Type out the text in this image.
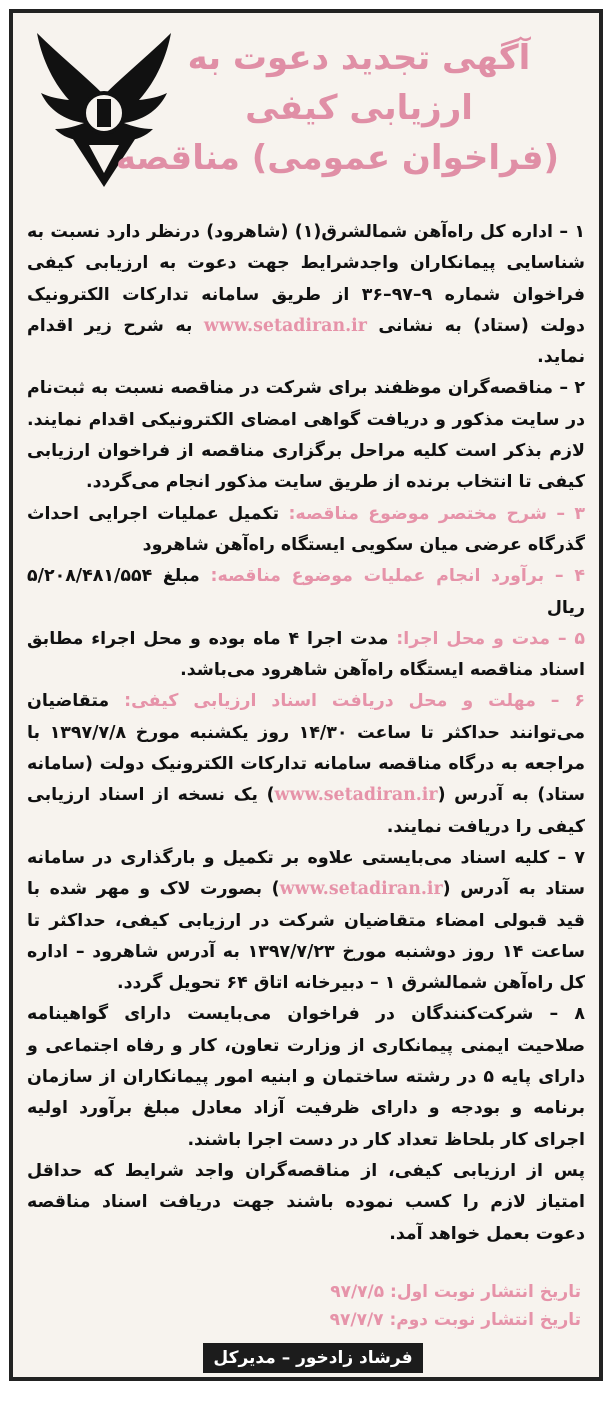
آگهی تجدید دعوت به
ارزیابی کیفی
(فراخوان عمومی) مناقصه

۱ – اداره کل راه‌آهن شمالشرق(۱) (شاهرود) درنظر دارد نسبت به شناسایی پیمانکاران واجدشرایط جهت دعوت به ارزیابی کیفی فراخوان شماره ۹–۹۷–۳۶ از طریق سامانه تدارکات الکترونیک دولت (ستاد) به نشانی www.setadiran.ir به شرح زیر اقدام نماید.

۲ – مناقصه‌گران موظفند برای شرکت در مناقصه نسبت به ثبت‌نام در سایت مذکور و دریافت گواهی امضای الکترونیکی اقدام نمایند. لازم بذکر است کلیه مراحل برگزاری مناقصه از فراخوان ارزیابی کیفی تا انتخاب برنده از طریق سایت مذکور انجام می‌گردد.

۳ – شرح مختصر موضوع مناقصه: تکمیل عملیات اجرایی احداث گذرگاه عرضی میان سکویی ایستگاه راه‌آهن شاهرود

۴ – برآورد انجام عملیات موضوع مناقصه: مبلغ ۵/۲۰۸/۴۸۱/۵۵۴ ریال

۵ – مدت و محل اجرا: مدت اجرا ۴ ماه بوده و محل اجراء مطابق اسناد مناقصه ایستگاه راه‌آهن شاهرود می‌باشد.

۶ – مهلت و محل دریافت اسناد ارزیابی کیفی: متقاضیان می‌توانند حداکثر تا ساعت ۱۴/۳۰ روز یکشنبه مورخ ۱۳۹۷/۷/۸ با مراجعه به درگاه مناقصه سامانه تدارکات الکترونیک دولت (سامانه ستاد) به آدرس (www.setadiran.ir) یک نسخه از اسناد ارزیابی کیفی را دریافت نمایند.

۷ – کلیه اسناد می‌بایستی علاوه بر تکمیل و بارگذاری در سامانه ستاد به آدرس (www.setadiran.ir) بصورت لاک و مهر شده با قید قبولی امضاء متقاضیان شرکت در ارزیابی کیفی، حداکثر تا ساعت ۱۴ روز دوشنبه مورخ ۱۳۹۷/۷/۲۳ به آدرس شاهرود – اداره کل راه‌آهن شمالشرق ۱ – دبیرخانه اتاق ۶۴ تحویل گردد.

۸ – شرکت‌کنندگان در فراخوان می‌بایست دارای گواهینامه صلاحیت ایمنی پیمانکاری از وزارت تعاون، کار و رفاه اجتماعی و دارای پایه ۵ در رشته ساختمان و ابنیه امور پیمانکاران از سازمان برنامه و بودجه و دارای ظرفیت آزاد معادل مبلغ برآورد اولیه اجرای کار بلحاظ تعداد کار در دست اجرا باشند.

پس از ارزیابی کیفی، از مناقصه‌گران واجد شرایط که حداقل امتیاز لازم را کسب نموده باشند جهت دریافت اسناد مناقصه دعوت بعمل خواهد آمد.

تاریخ انتشار نوبت اول: ۹۷/۷/۵
تاریخ انتشار نوبت دوم: ۹۷/۷/۷
فرشاد زادخور – مدیرکل
